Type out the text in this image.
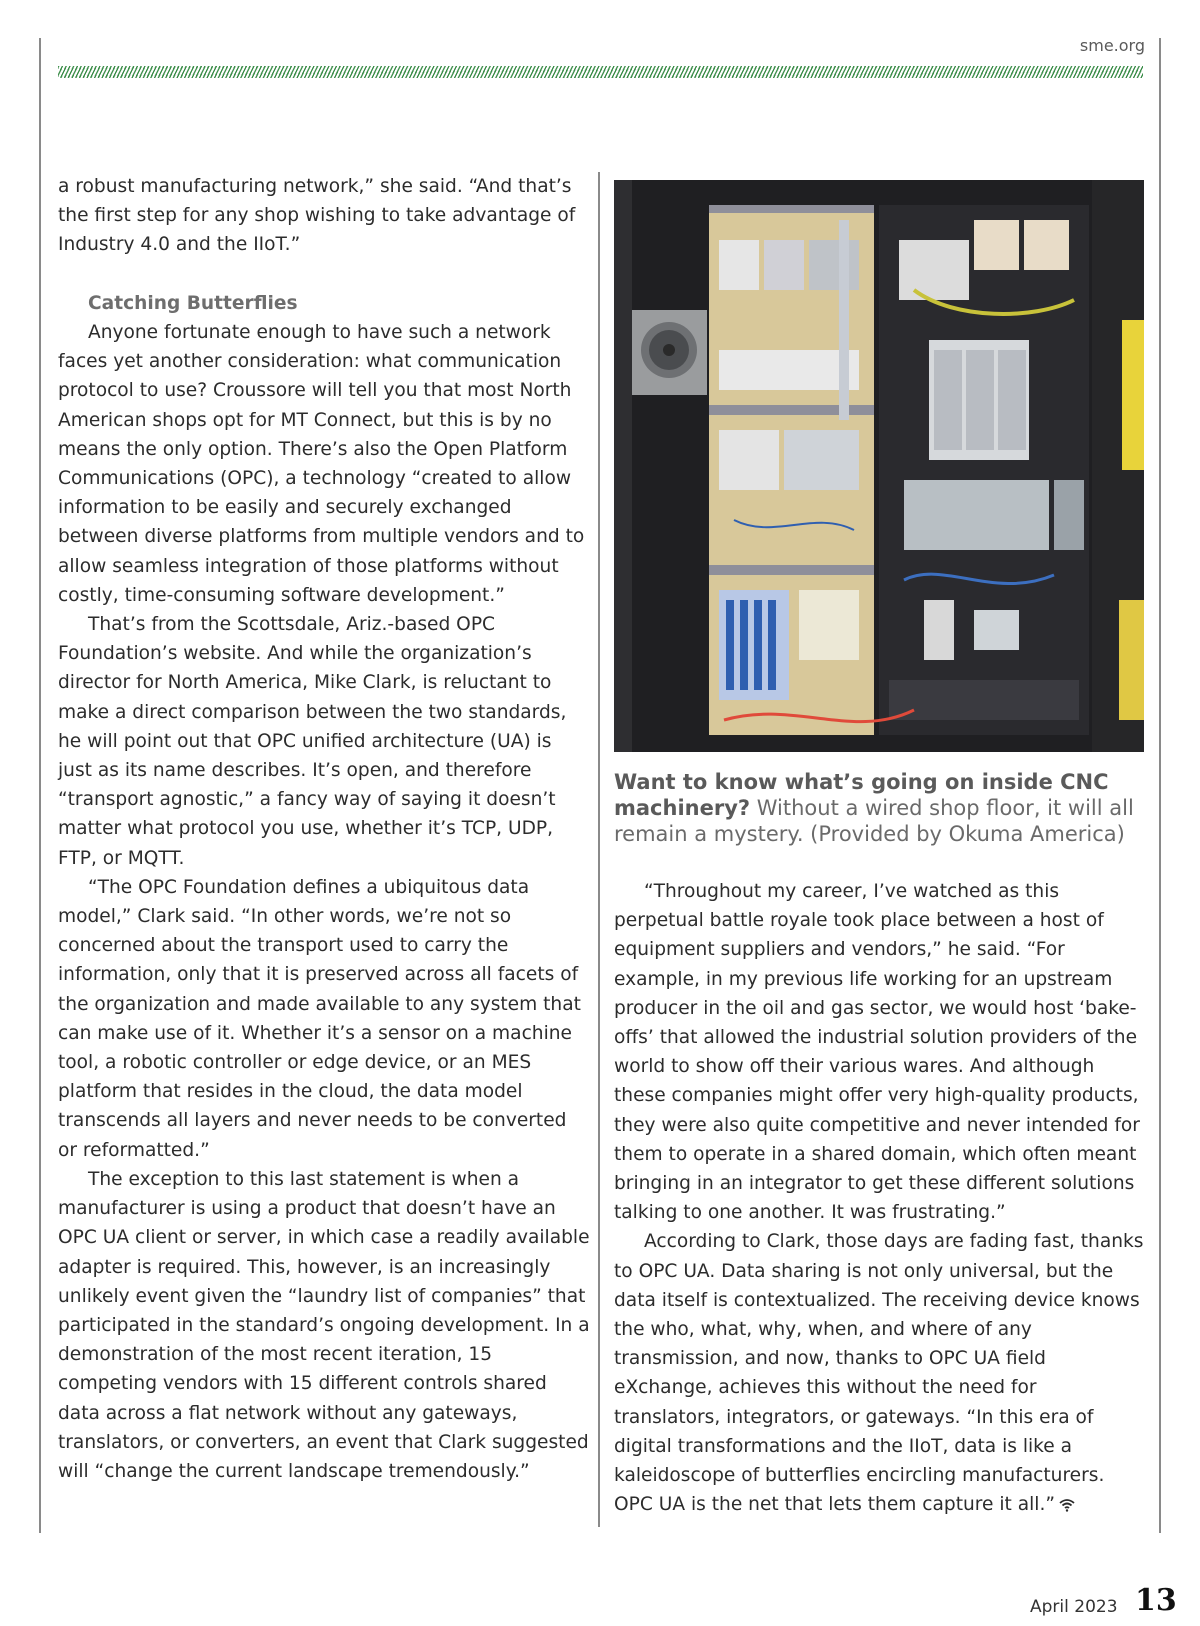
sme.org

a robust manufacturing network,” she said. “And that’s the first step for any shop wishing to take advantage of Industry 4.0 and the IIoT.”

Catching Butterflies

Anyone fortunate enough to have such a network faces yet another consideration: what communication protocol to use? Croussore will tell you that most North American shops opt for MT Connect, but this is by no means the only option. There’s also the Open Platform Communications (OPC), a technology “created to allow information to be easily and securely exchanged between diverse platforms from multiple vendors and to allow seamless integration of those platforms without costly, time-consuming software development.”

That’s from the Scottsdale, Ariz.-based OPC Foundation’s website. And while the organization’s director for North America, Mike Clark, is reluctant to make a direct comparison between the two standards, he will point out that OPC unified architecture (UA) is just as its name describes. It’s open, and therefore “transport agnostic,” a fancy way of saying it doesn’t matter what protocol you use, whether it’s TCP, UDP, FTP, or MQTT.

“The OPC Foundation defines a ubiquitous data model,” Clark said. “In other words, we’re not so concerned about the transport used to carry the information, only that it is preserved across all facets of the organization and made available to any system that can make use of it. Whether it’s a sensor on a machine tool, a robotic controller or edge device, or an MES platform that resides in the cloud, the data model transcends all layers and never needs to be converted or reformatted.”

The exception to this last statement is when a manufacturer is using a product that doesn’t have an OPC UA client or server, in which case a readily available adapter is required. This, however, is an increasingly unlikely event given the “laundry list of companies” that participated in the standard’s ongoing development. In a demonstration of the most recent iteration, 15 competing vendors with 15 different controls shared data across a flat network without any gateways, translators, or converters, an event that Clark suggested will “change the current landscape tremendously.”

Want to know what’s going on inside CNC machinery? Without a wired shop floor, it will all remain a mystery. (Provided by Okuma America)

“Throughout my career, I’ve watched as this perpetual battle royale took place between a host of equipment suppliers and vendors,” he said. “For example, in my previous life working for an upstream producer in the oil and gas sector, we would host ‘bake-offs’ that allowed the industrial solution providers of the world to show off their various wares. And although these companies might offer very high-quality products, they were also quite competitive and never intended for them to operate in a shared domain, which often meant bringing in an integrator to get these different solutions talking to one another. It was frustrating.”

According to Clark, those days are fading fast, thanks to OPC UA. Data sharing is not only universal, but the data itself is contextualized. The receiving device knows the who, what, why, when, and where of any transmission, and now, thanks to OPC UA field eXchange, achieves this without the need for translators, integrators, or gateways. “In this era of digital transformations and the IIoT, data is like a kaleidoscope of butterflies encircling manufacturers. OPC UA is the net that lets them capture it all.”

April 2023 13
